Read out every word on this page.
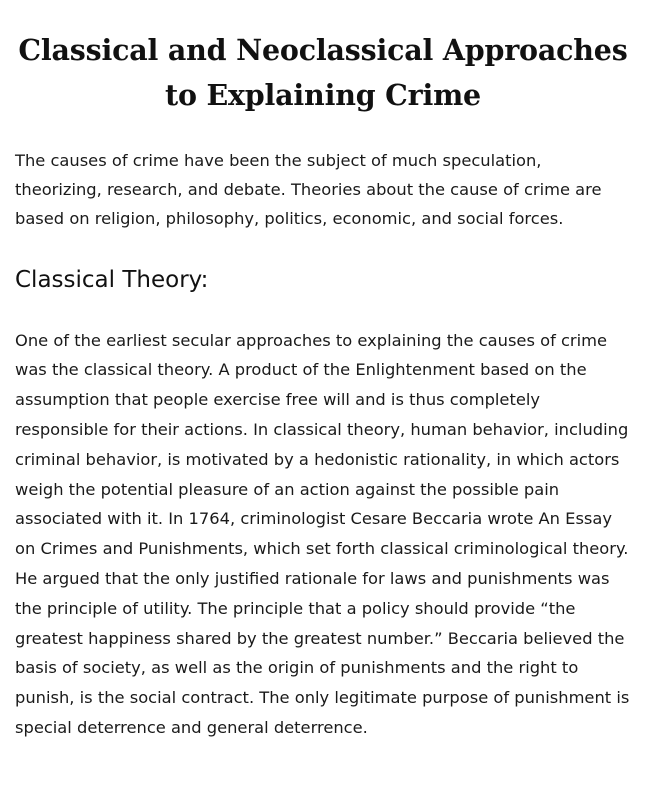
Classical and Neoclassical Approaches to Explaining Crime

The causes of crime have been the subject of much speculation, theorizing, research, and debate. Theories about the cause of crime are based on religion, philosophy, politics, economic, and social forces.

Classical Theory:

One of the earliest secular approaches to explaining the causes of crime was the classical theory. A product of the Enlightenment based on the assumption that people exercise free will and is thus completely responsible for their actions. In classical theory, human behavior, including criminal behavior, is motivated by a hedonistic rationality, in which actors weigh the potential pleasure of an action against the possible pain associated with it. In 1764, criminologist Cesare Beccaria wrote An Essay on Crimes and Punishments, which set forth classical criminological theory. He argued that the only justified rationale for laws and punishments was the principle of utility. The principle that a policy should provide “the greatest happiness shared by the greatest number.” Beccaria believed the basis of society, as well as the origin of punishments and the right to punish, is the social contract. The only legitimate purpose of punishment is special deterrence and general deterrence.
